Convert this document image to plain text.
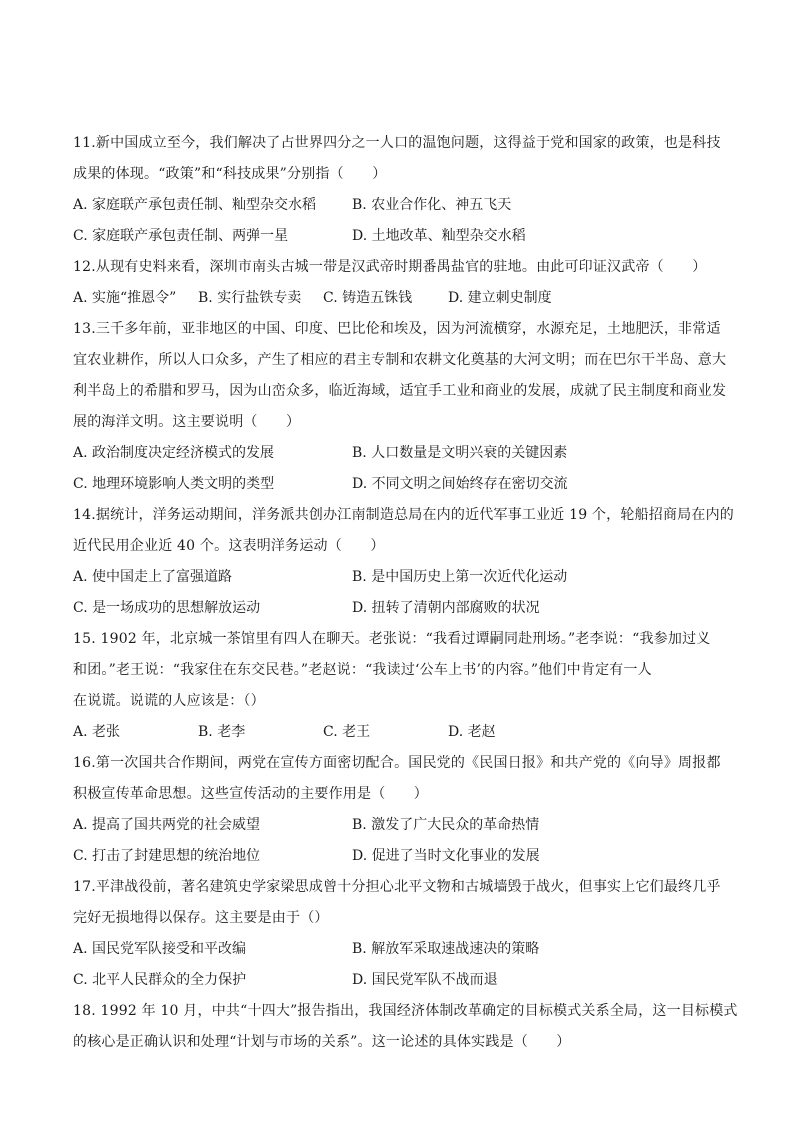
11.新中国成立至今，我们解决了占世界四分之一人口的温饱问题，这得益于党和国家的政策，也是科技
成果的体现。“政策”和“科技成果”分别指（　　）
A. 家庭联产承包责任制、籼型杂交水稻	B. 农业合作化、神五飞天
C. 家庭联产承包责任制、两弹一星	D. 土地改革、籼型杂交水稻
12.从现有史料来看，深圳市南头古城一带是汉武帝时期番禺盐官的驻地。由此可印证汉武帝（　　）
A. 实施“推恩令”	B. 实行盐铁专卖	C. 铸造五铢钱	D. 建立刺史制度
13.三千多年前，亚非地区的中国、印度、巴比伦和埃及，因为河流横穿，水源充足，土地肥沃，非常适
宜农业耕作，所以人口众多，产生了相应的君主专制和农耕文化奠基的大河文明；而在巴尔干半岛、意大
利半岛上的希腊和罗马，因为山峦众多，临近海域，适宜手工业和商业的发展，成就了民主制度和商业发
展的海洋文明。这主要说明（　　）
A. 政治制度决定经济模式的发展	B. 人口数量是文明兴衰的关键因素
C. 地理环境影响人类文明的类型	D. 不同文明之间始终存在密切交流
14.据统计，洋务运动期间，洋务派共创办江南制造总局在内的近代军事工业近 19 个，轮船招商局在内的
近代民用企业近 40 个。这表明洋务运动（　　）
A. 使中国走上了富强道路	B. 是中国历史上第一次近代化运动
C. 是一场成功的思想解放运动	D. 扭转了清朝内部腐败的状况
15. 1902 年，北京城一茶馆里有四人在聊天。老张说：“我看过谭嗣同赴刑场。”老李说：“我参加过义
和团。”老王说：“我家住在东交民巷。”老赵说：“我读过‘公车上书’的内容。”他们中肯定有一人
在说谎。说谎的人应该是：（）
A. 老张	B. 老李	C. 老王	D. 老赵
16.第一次国共合作期间，两党在宣传方面密切配合。国民党的《民国日报》和共产党的《向导》周报都
积极宣传革命思想。这些宣传活动的主要作用是（　　）
A. 提高了国共两党的社会威望	B. 激发了广大民众的革命热情
C. 打击了封建思想的统治地位	D. 促进了当时文化事业的发展
17.平津战役前，著名建筑史学家梁思成曾十分担心北平文物和古城墙毁于战火，但事实上它们最终几乎
完好无损地得以保存。这主要是由于（）
A. 国民党军队接受和平改编	B. 解放军采取速战速决的策略
C. 北平人民群众的全力保护	D. 国民党军队不战而退
18. 1992 年 10 月，中共“十四大”报告指出，我国经济体制改革确定的目标模式关系全局，这一目标模式
的核心是正确认识和处理“计划与市场的关系”。这一论述的具体实践是（　　）
